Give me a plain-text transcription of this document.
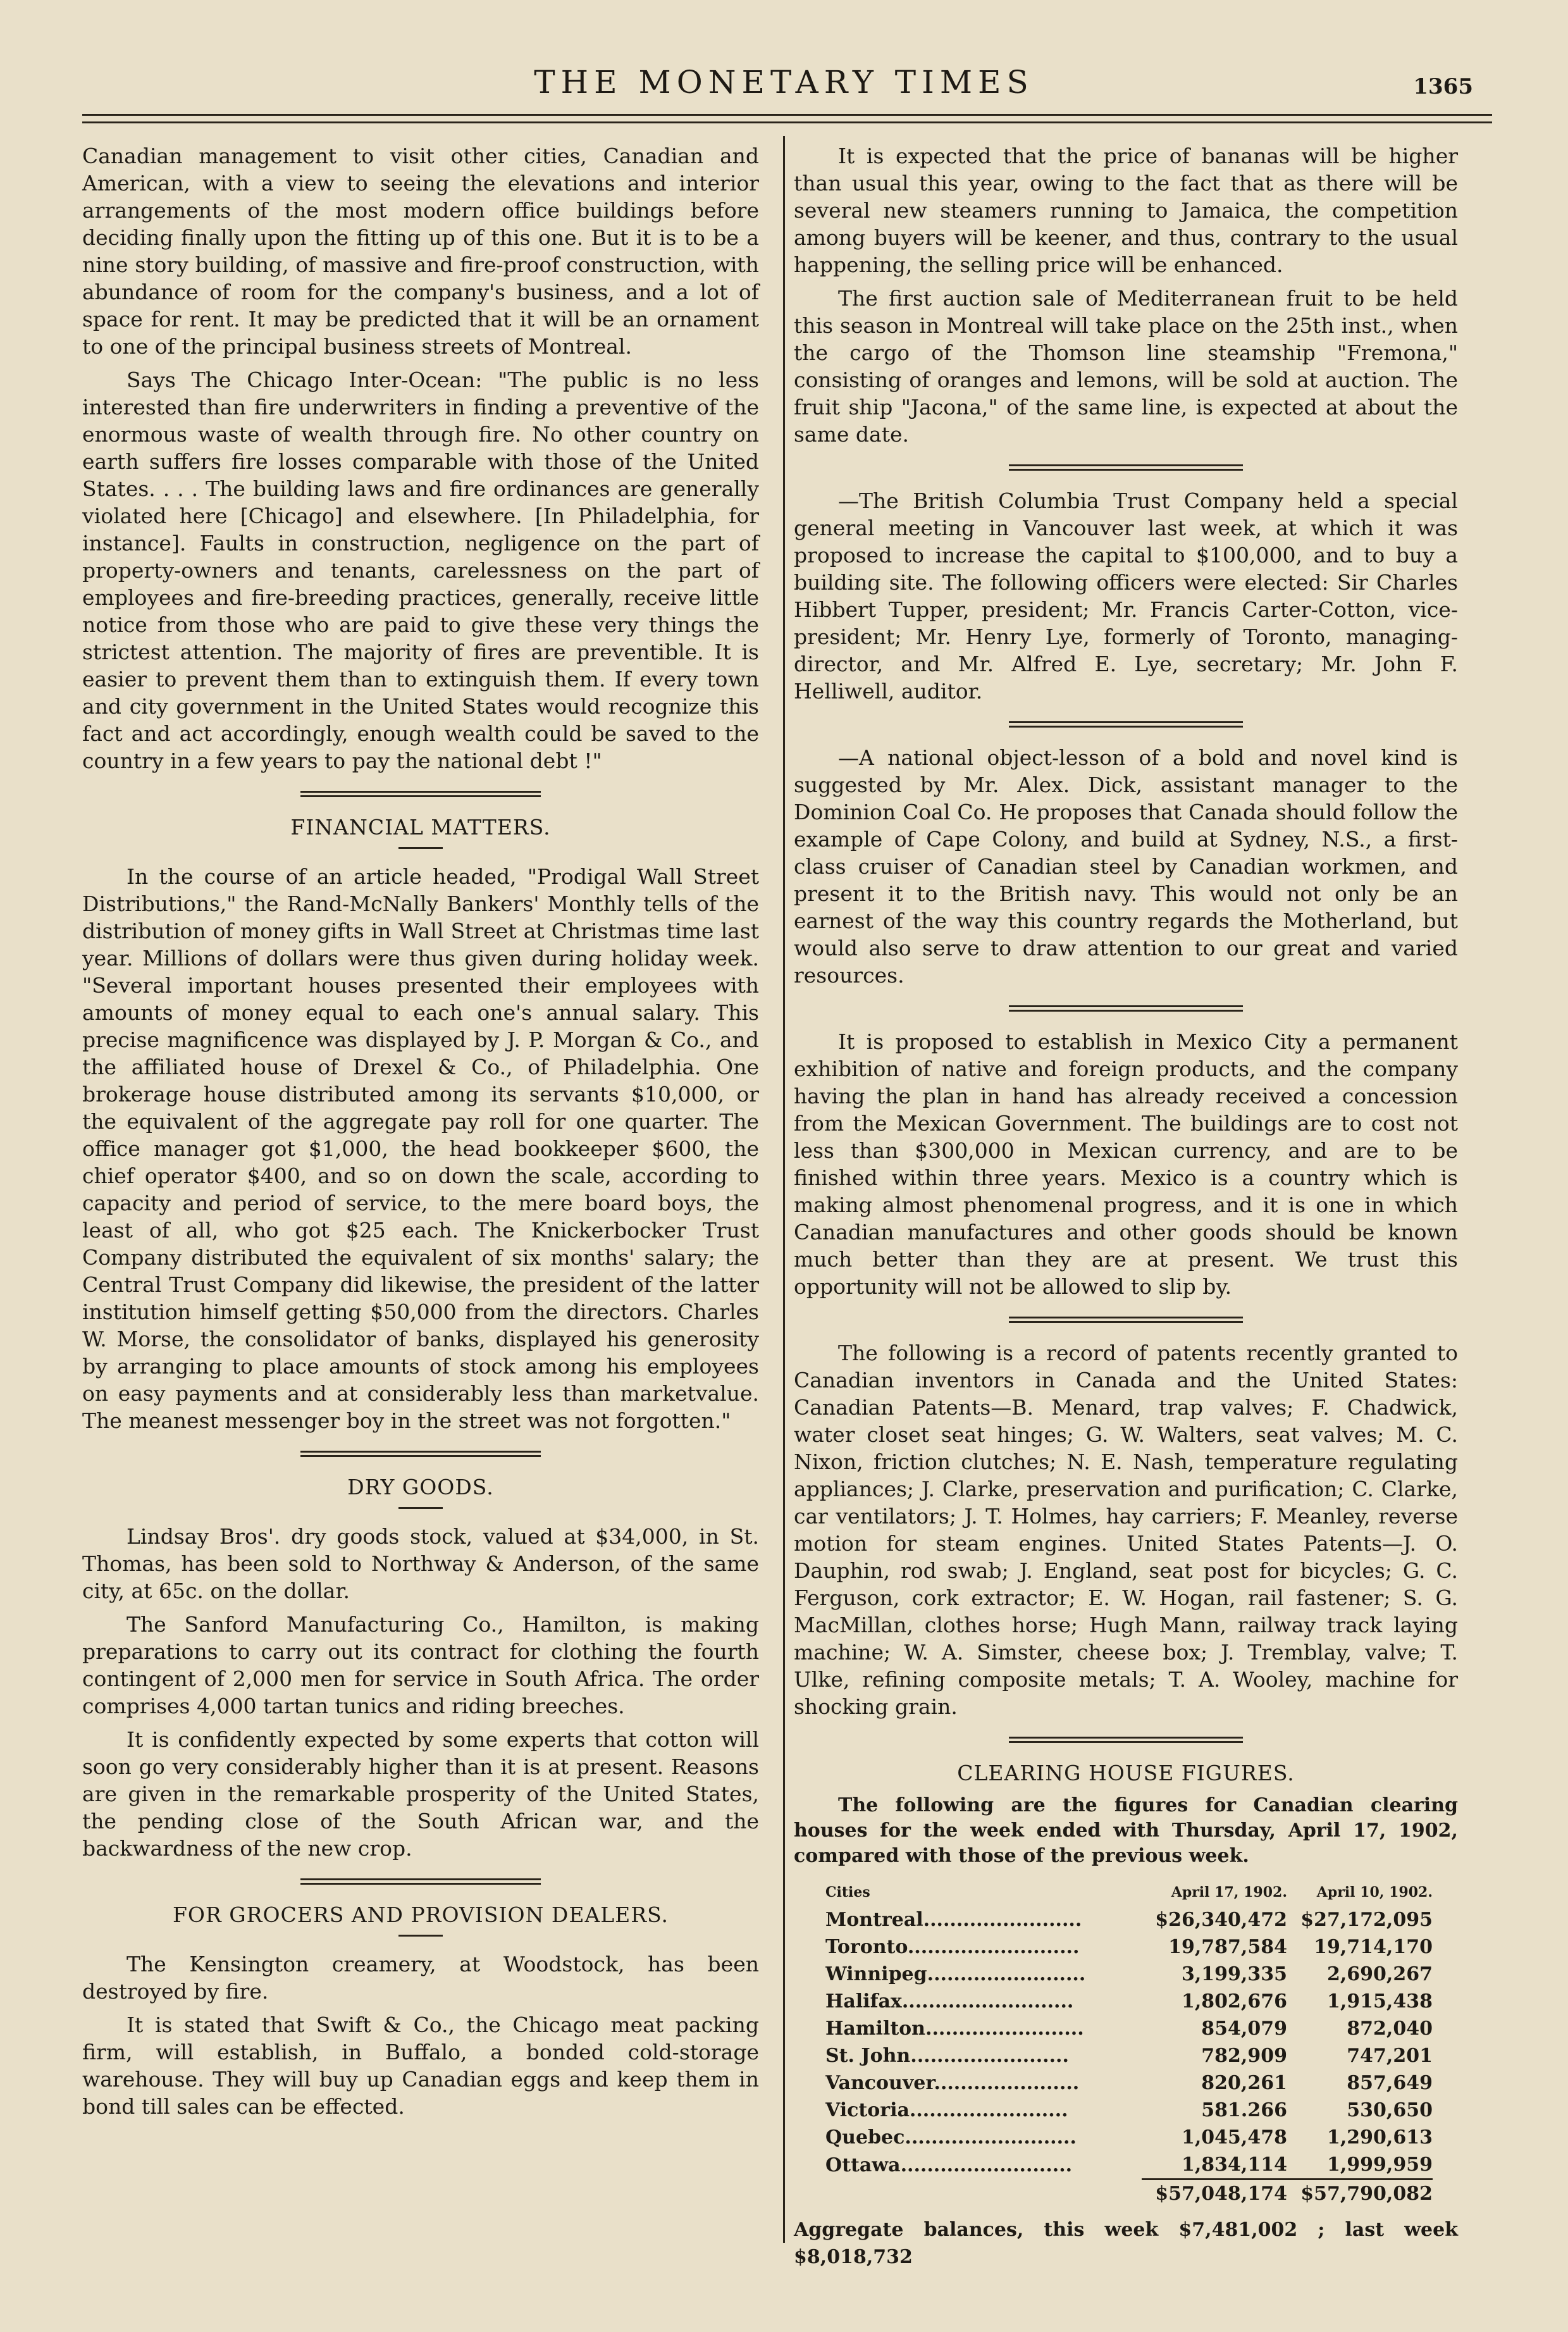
THE MONETARY TIMES	1365

Canadian management to visit other cities, Canadian and American, with a view to seeing the elevations and interior arrangements of the most modern office buildings before deciding finally upon the fitting up of this one. But it is to be a nine story building, of massive and fire-proof construction, with abundance of room for the company's business, and a lot of space for rent. It may be predicted that it will be an ornament to one of the principal business streets of Montreal.

Says The Chicago Inter-Ocean: "The public is no less interested than fire underwriters in finding a preventive of the enormous waste of wealth through fire. No other country on earth suffers fire losses comparable with those of the United States. . . . The building laws and fire ordinances are generally violated here [Chicago] and elsewhere. [In Philadelphia, for instance]. Faults in construction, negligence on the part of property-owners and tenants, carelessness on the part of employees and fire-breeding practices, generally, receive little notice from those who are paid to give these very things the strictest attention. The majority of fires are preventible. It is easier to prevent them than to extinguish them. If every town and city government in the United States would recognize this fact and act accordingly, enough wealth could be saved to the country in a few years to pay the national debt !"

FINANCIAL MATTERS.

In the course of an article headed, "Prodigal Wall Street Distributions," the Rand-McNally Bankers' Monthly tells of the distribution of money gifts in Wall Street at Christmas time last year. Millions of dollars were thus given during holiday week. "Several important houses presented their employees with amounts of money equal to each one's annual salary. This precise magnificence was displayed by J. P. Morgan & Co., and the affiliated house of Drexel & Co., of Philadelphia. One brokerage house distributed among its servants $10,000, or the equivalent of the aggregate pay roll for one quarter. The office manager got $1,000, the head bookkeeper $600, the chief operator $400, and so on down the scale, according to capacity and period of service, to the mere board boys, the least of all, who got $25 each. The Knickerbocker Trust Company distributed the equivalent of six months' salary; the Central Trust Company did likewise, the president of the latter institution himself getting $50,000 from the directors. Charles W. Morse, the consolidator of banks, displayed his generosity by arranging to place amounts of stock among his employees on easy payments and at considerably less than marketvalue. The meanest messenger boy in the street was not forgotten."

DRY GOODS.

Lindsay Bros'. dry goods stock, valued at $34,000, in St. Thomas, has been sold to Northway & Anderson, of the same city, at 65c. on the dollar.

The Sanford Manufacturing Co., Hamilton, is making preparations to carry out its contract for clothing the fourth contingent of 2,000 men for service in South Africa. The order comprises 4,000 tartan tunics and riding breeches.

It is confidently expected by some experts that cotton will soon go very considerably higher than it is at present. Reasons are given in the remarkable prosperity of the United States, the pending close of the South African war, and the backwardness of the new crop.

FOR GROCERS AND PROVISION DEALERS.

The Kensington creamery, at Woodstock, has been destroyed by fire.

It is stated that Swift & Co., the Chicago meat packing firm, will establish, in Buffalo, a bonded cold-storage warehouse. They will buy up Canadian eggs and keep them in bond till sales can be effected.

It is expected that the price of bananas will be higher than usual this year, owing to the fact that as there will be several new steamers running to Jamaica, the competition among buyers will be keener, and thus, contrary to the usual happening, the selling price will be enhanced.

The first auction sale of Mediterranean fruit to be held this season in Montreal will take place on the 25th inst., when the cargo of the Thomson line steamship "Fremona," consisting of oranges and lemons, will be sold at auction. The fruit ship "Jacona," of the same line, is expected at about the same date.

—The British Columbia Trust Company held a special general meeting in Vancouver last week, at which it was proposed to increase the capital to $100,000, and to buy a building site. The following officers were elected: Sir Charles Hibbert Tupper, president; Mr. Francis Carter-Cotton, vice-president; Mr. Henry Lye, formerly of Toronto, managing-director, and Mr. Alfred E. Lye, secretary; Mr. John F. Helliwell, auditor.

—A national object-lesson of a bold and novel kind is suggested by Mr. Alex. Dick, assistant manager to the Dominion Coal Co. He proposes that Canada should follow the example of Cape Colony, and build at Sydney, N.S., a first-class cruiser of Canadian steel by Canadian workmen, and present it to the British navy. This would not only be an earnest of the way this country regards the Motherland, but would also serve to draw attention to our great and varied resources.

It is proposed to establish in Mexico City a permanent exhibition of native and foreign products, and the company having the plan in hand has already received a concession from the Mexican Government. The buildings are to cost not less than $300,000 in Mexican currency, and are to be finished within three years. Mexico is a country which is making almost phenomenal progress, and it is one in which Canadian manufactures and other goods should be known much better than they are at present. We trust this opportunity will not be allowed to slip by.

The following is a record of patents recently granted to Canadian inventors in Canada and the United States: Canadian Patents—B. Menard, trap valves; F. Chadwick, water closet seat hinges; G. W. Walters, seat valves; M. C. Nixon, friction clutches; N. E. Nash, temperature regulating appliances; J. Clarke, preservation and purification; C. Clarke, car ventilators; J. T. Holmes, hay carriers; F. Meanley, reverse motion for steam engines. United States Patents—J. O. Dauphin, rod swab; J. England, seat post for bicycles; G. C. Ferguson, cork extractor; E. W. Hogan, rail fastener; S. G. MacMillan, clothes horse; Hugh Mann, railway track laying machine; W. A. Simster, cheese box; J. Tremblay, valve; T. Ulke, refining composite metals; T. A. Wooley, machine for shocking grain.

CLEARING HOUSE FIGURES.

The following are the figures for Canadian clearing houses for the week ended with Thursday, April 17, 1902, compared with those of the previous week.

Cities	April 17, 1902.	April 10, 1902.
Montreal........................	$26,340,472	$27,172,095
Toronto..........................	19,787,584	19,714,170
Winnipeg........................	3,199,335	2,690,267
Halifax..........................	1,802,676	1,915,438
Hamilton........................	854,079	872,040
St. John........................	782,909	747,201
Vancouver......................	820,261	857,649
Victoria........................	581.266	530,650
Quebec..........................	1,045,478	1,290,613
Ottawa..........................	1,834,114	1,999,959
	$57,048,174	$57,790,082
Aggregate balances, this week $7,481,002 ; last week $8,018,732
